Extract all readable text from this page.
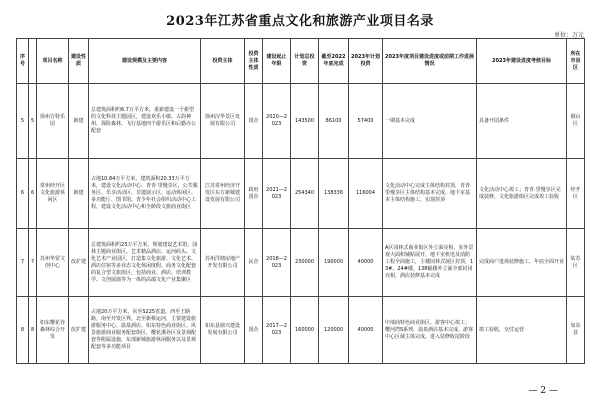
2023年江苏省重点文化和旅游产业项目名录
单位：万元
序号		项目名称	建设性质	建设规模及主要内容	投资主体	投资主体性质	建设起止年限	计划总投资	截至2022年底完成	2023年计划投资	2023年度项目建设进度或前期工作进展情况	2023年建设进度考核目标	所在市县区
5	5	徐州方特乐园	新建	总建筑面积约6.7万平方米，重新建设一个新型的文化科技主题园区，建设欢乐小镇、古韵神州、探险森林、飞行基地四个游乐区和后勤办公配套	徐州汉华景区发展有限公司	国企	2020—2023	143500	86100	57400	一期基本完成	具备开园条件	铜山区
6	6	常州经开区文化旅游休闲区	新建	占地10.84万平方米，建筑面积20.33万平方米，建设文化活动中心、青青·里慢享区、公共服务区、乐享活动区、非遗展示区、运动休闲区、多功能厅、图书馆、青少年社会组织活动中心工程，建设文化活动中心和全龄段文旅商业街区	江苏常州经济开发区东方新城建设发展有限公司	政府国企	2021—2023	254340	138336	116004	文化活动中心完成主体结构封顶，青青·里慢享区主体结构基本完成，地下室基本主体结构施工，实现封顶	文化活动中心竣工；青青·里慢享区完成装修，文化旅游街区完成竣工验收	经开区
7	7	苏州华贸文创中心	改扩建	总建筑面积约23万平方米，规划建设艺术馆、园林主题商业街区、艺术精品酒店、运河码头、文化艺术产业园区，打造集文化旅游、文化艺术、酒店住宿等多业态文化休闲度假、商务文化配套的复合型文旅街区，包括商业、酒店、培训教学、文创展演等为一体的高端文化产业集聚区	苏州洋塘房地产开发有限公司	民企	2018—2023	230000	190000	40000	A区园林式商业街区外立面亮相，室外景观大面积铺贴展开，地下室机电及消防工程全面施工，主楼园林式展区封顶，13#、24#楼、138幅楼外立面全部封闭亮相，酒店装修基本完成	完成商户进场装修施工，年底全面开业	姑苏区
8	8	如东樱花谷森林综合开发	改扩建	占地20万平方米，东至S225省道，西至王路路，南至开发区界，北至新蔡运河，主要建设旅游服务中心、温泉酒店、如东特色商业街区、风景旅游商业服务配套街区，樱花溪谷区及景观配套等附属设施，东部新城旅游休闲服务以及景观配套等多功能项目	如东县鼎兴建设发展有限公司	国企	2017—2023	160000	120000	40000	中部商特色商业街区、游客中心竣工；樱河湾S系列、温泉酒店基本完成、游客中心区域主体完成，进入装修收尾阶段	竣工验收，交付运营	如东县
— 2 —
